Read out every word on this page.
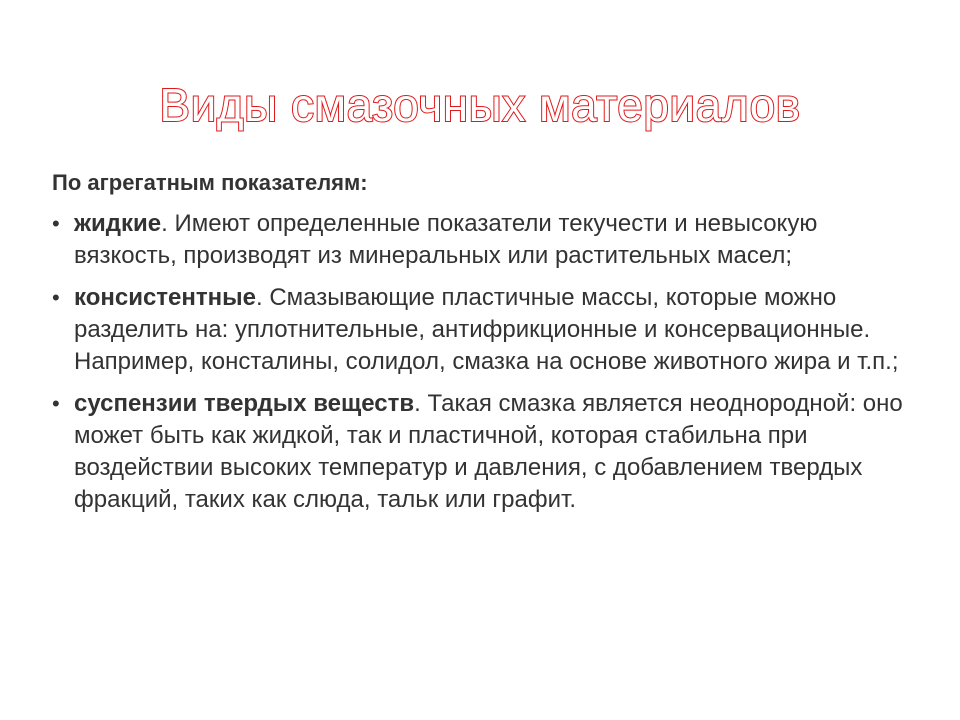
Виды смазочных материалов
По агрегатным показателям:
• жидкие. Имеют определенные показатели текучести и невысокую вязкость, производят из минеральных или растительных масел;
• консистентные. Смазывающие пластичные массы, которые можно разделить на: уплотнительные, антифрикционные и консервационные. Например, консталины, солидол, смазка на основе животного жира и т.п.;
• суспензии твердых веществ. Такая смазка является неоднородной: оно может быть как жидкой, так и пластичной, которая стабильна при воздействии высоких температур и давления, с добавлением твердых фракций, таких как слюда, тальк или графит.
